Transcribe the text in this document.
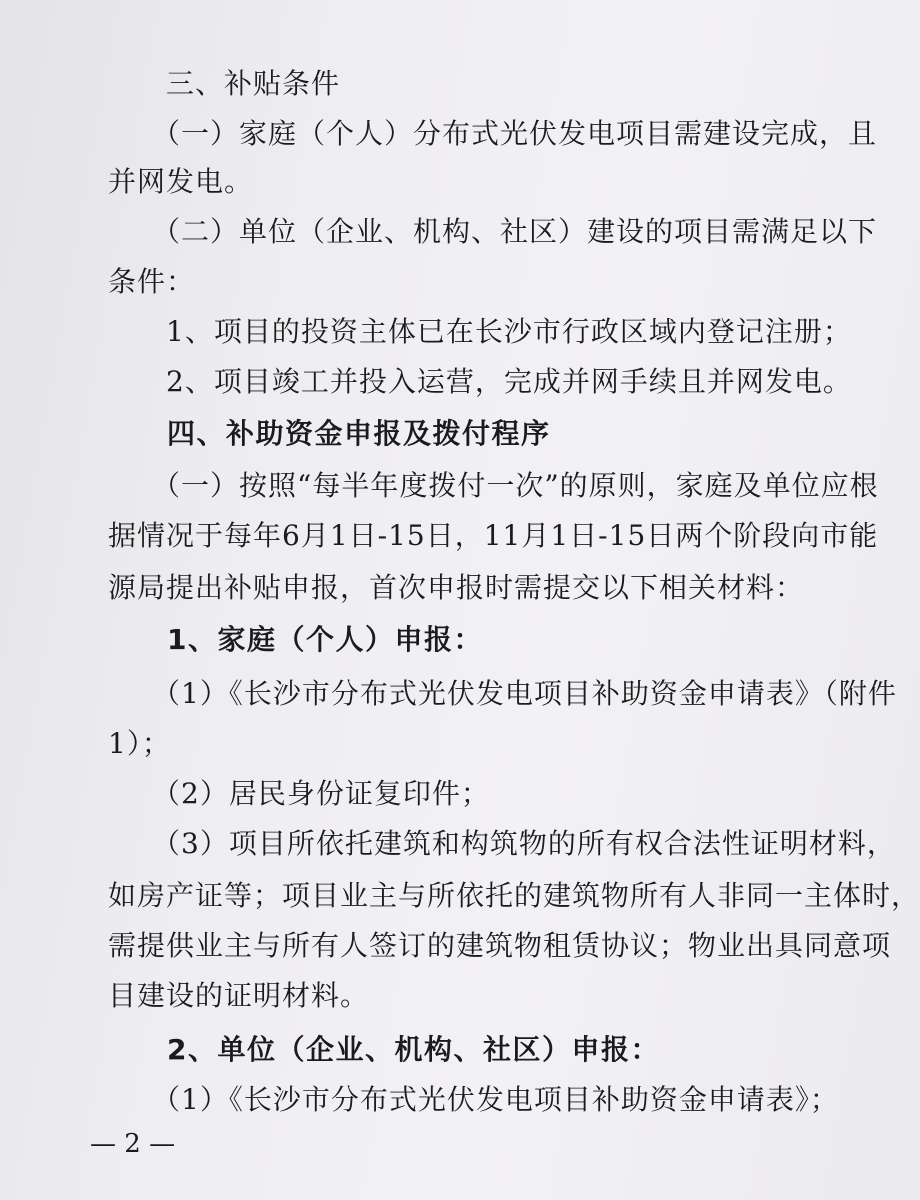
　　三、补贴条件
　　（一）家庭（个人）分布式光伏发电项目需建设完成，且
并网发电。
　　（二）单位（企业、机构、社区）建设的项目需满足以下
条件：
　　1、项目的投资主体已在长沙市行政区域内登记注册；
　　2、项目竣工并投入运营，完成并网手续且并网发电。
　　四、补助资金申报及拨付程序
　　（一）按照“每半年度拨付一次”的原则，家庭及单位应根
据情况于每年6月1日-15日，11月1日-15日两个阶段向市能
源局提出补贴申报，首次申报时需提交以下相关材料：
　　1、家庭（个人）申报：
　　（1）《长沙市分布式光伏发电项目补助资金申请表》（附件
1）；
　　（2）居民身份证复印件；
　　（3）项目所依托建筑和构筑物的所有权合法性证明材料，
如房产证等；项目业主与所依托的建筑物所有人非同一主体时，
需提供业主与所有人签订的建筑物租赁协议；物业出具同意项
目建设的证明材料。
　　2、单位（企业、机构、社区）申报：
　　（1）《长沙市分布式光伏发电项目补助资金申请表》；
— 2 —
